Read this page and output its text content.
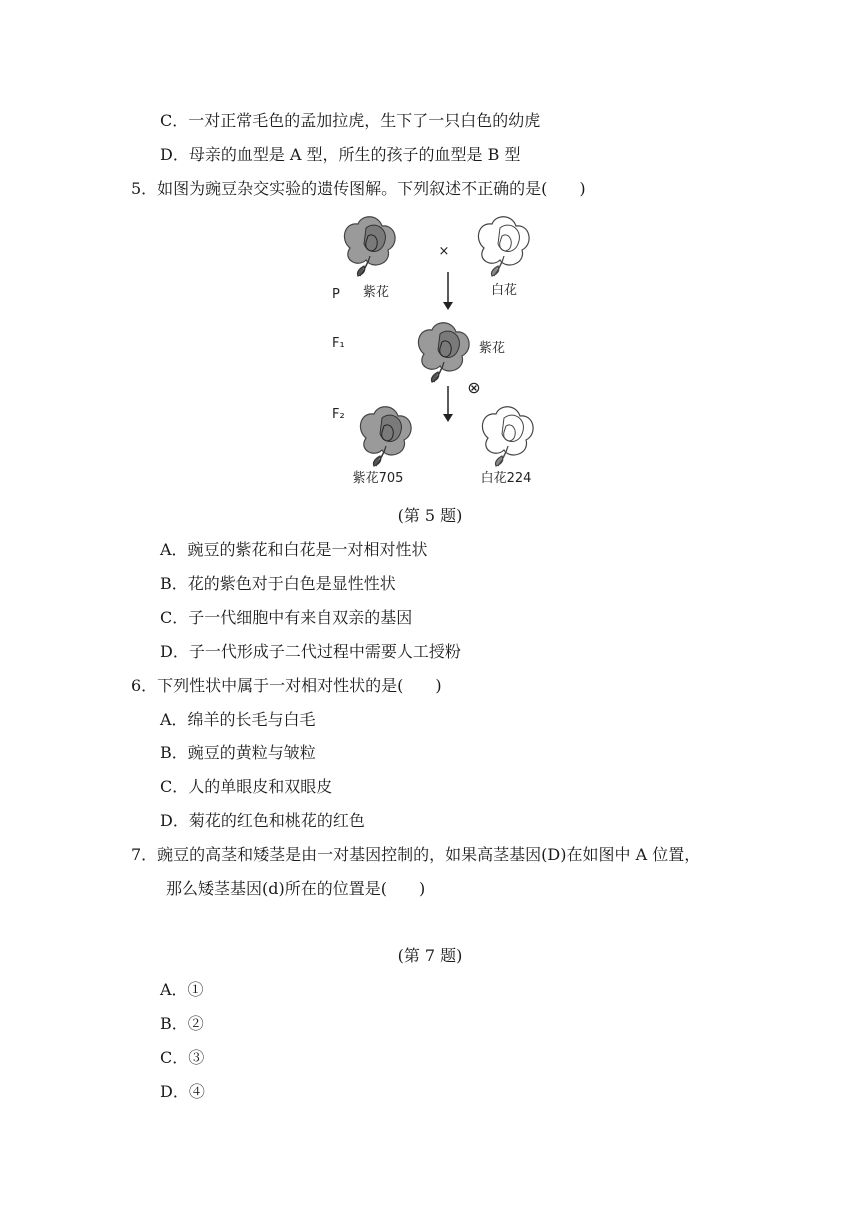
C．一对正常毛色的孟加拉虎，生下了一只白色的幼虎
D．母亲的血型是 A 型，所生的孩子的血型是 B 型
5．如图为豌豆杂交实验的遗传图解。下列叙述不正确的是(　　)
×
P 紫花	白花
F₁	紫花
⊗
F₂
紫花705	白花224
(第 5 题)
A．豌豆的紫花和白花是一对相对性状
B．花的紫色对于白色是显性性状
C．子一代细胞中有来自双亲的基因
D．子一代形成子二代过程中需要人工授粉
6．下列性状中属于一对相对性状的是(　　)
A．绵羊的长毛与白毛
B．豌豆的黄粒与皱粒
C．人的单眼皮和双眼皮
D．菊花的红色和桃花的红色
7．豌豆的高茎和矮茎是由一对基因控制的，如果高茎基因(D)在如图中 A 位置，
那么矮茎基因(d)所在的位置是(　　)
(第 7 题)
A．①
B．②
C．③
D．④
